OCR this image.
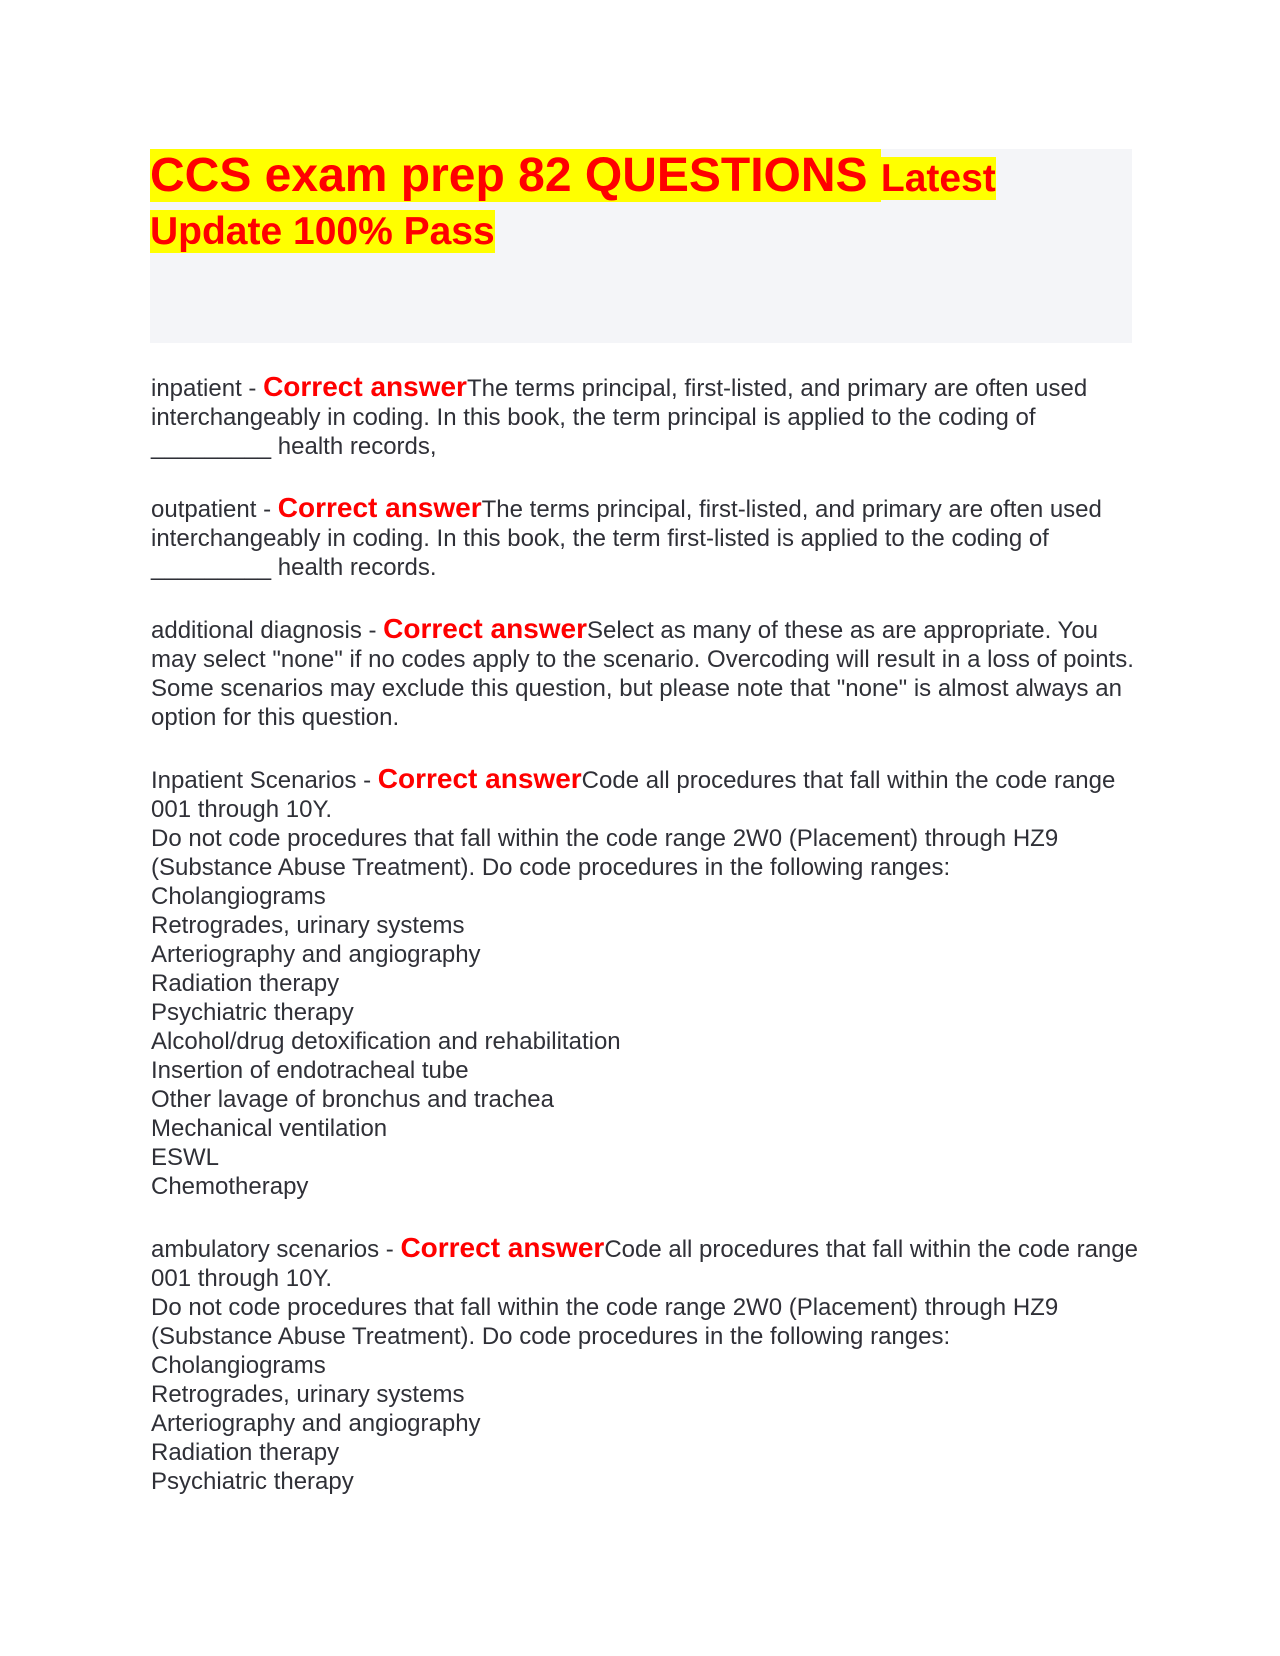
CCS exam prep 82 QUESTIONS Latest Update 100% Pass

inpatient - Correct answerThe terms principal, first-listed, and primary are often used interchangeably in coding. In this book, the term principal is applied to the coding of _________ health records,

outpatient - Correct answerThe terms principal, first-listed, and primary are often used interchangeably in coding. In this book, the term first-listed is applied to the coding of _________ health records.

additional diagnosis - Correct answerSelect as many of these as are appropriate. You may select "none" if no codes apply to the scenario. Overcoding will result in a loss of points. Some scenarios may exclude this question, but please note that "none" is almost always an option for this question.

Inpatient Scenarios - Correct answerCode all procedures that fall within the code range 001 through 10Y.
Do not code procedures that fall within the code range 2W0 (Placement) through HZ9 (Substance Abuse Treatment). Do code procedures in the following ranges:
Cholangiograms
Retrogrades, urinary systems
Arteriography and angiography
Radiation therapy
Psychiatric therapy
Alcohol/drug detoxification and rehabilitation
Insertion of endotracheal tube
Other lavage of bronchus and trachea
Mechanical ventilation
ESWL
Chemotherapy

ambulatory scenarios - Correct answerCode all procedures that fall within the code range 001 through 10Y.
Do not code procedures that fall within the code range 2W0 (Placement) through HZ9 (Substance Abuse Treatment). Do code procedures in the following ranges:
Cholangiograms
Retrogrades, urinary systems
Arteriography and angiography
Radiation therapy
Psychiatric therapy
